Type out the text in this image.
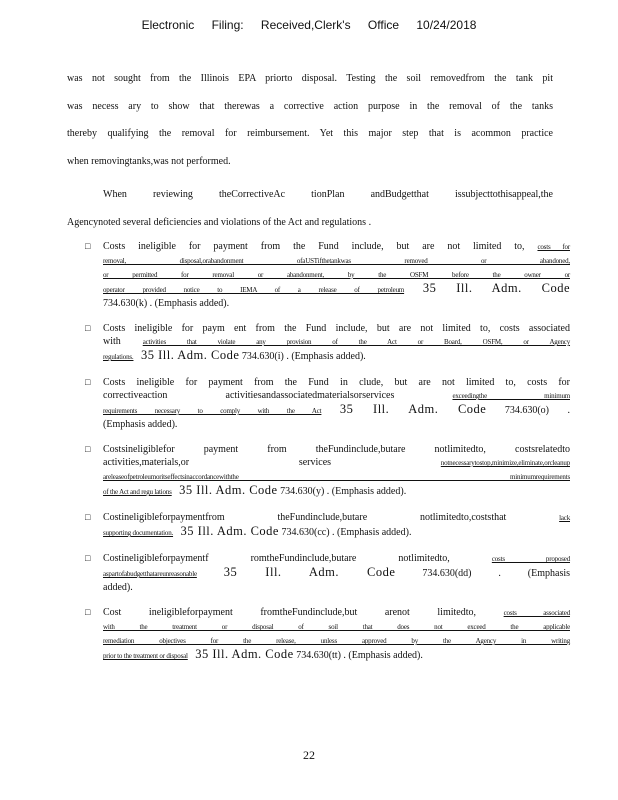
Electronic Filing: Received,Clerk's Office 10/24/2018
was not sought from the Illinois EPA priorto disposal. Testing the soil removedfrom the tank pit
was necess ary to show that therewas a corrective action purpose in the removal of the tanks
thereby qualifying the removal for reimbursement. Yet this major step that is acommon practice
when removingtanks,was not performed.
When reviewing theCorrectiveAc tionPlan andBudgetthat issubjecttothisappeal,the
Agencynoted several deficiencies and violations of the Act and regulations .
□ Costs ineligible for payment from the Fund include, but are not limited to, costs for
removal, disposal,orabandonment ofaUSTifthetankwas removed or abandoned,
or permitted for removal or abandonment, by the OSFM before the owner or
operator provided notice to IEMA of a release of petroleum 35 Ill. Adm. Code
734.630(k) . (Emphasis added).
□ Costs ineligible for paym ent from the Fund include, but are not limited to, costs associated
with	activities that violate any provision of the Act or Board, OSFM, or Agency
regulations. 35 Ill. Adm. Code 734.630(i) . (Emphasis added).
□ Costs ineligible for payment from the Fund in clude, but are not limited to, costs for
correctiveaction activitiesandassociatedmaterialsorservices	exceedingthe minimum
requirements necessary to comply with the Act 35 Ill. Adm. Code 734.630(o) .
(Emphasis added).
□ Costsineligiblefor payment from theFundinclude,butare notlimitedto, costsrelatedto
activities,materials,or services	notnecessarytostop,minimize,eliminate,orcleanup
areleaseofpetroleumoritseffectsinaccordancewiththe minimumrequirements
of the Act and regu lations 35 Ill. Adm. Code 734.630(y) . (Emphasis added).
□ Costineligibleforpaymentfrom theFundinclude,butare notlimitedto,coststhat	lack
supporting documentation. 35 Ill. Adm. Code 734.630(cc) . (Emphasis added).
□ Costineligibleforpaymentf romtheFundinclude,butare notlimitedto,	costs proposed
aspartofabudgetthatareunreasonable 35 Ill. Adm. Code	734.630(dd) . (Emphasis
added).
□ Cost ineligibleforpayment fromtheFundinclude,but arenot limitedto,	costs associated
with the treatment or disposal of soil that does not exceed the applicable
remediation objectives for the release, unless approved by the Agency in writing
prior to the treatment or disposal 35 Ill. Adm. Code 734.630(tt) . (Emphasis added).
22
